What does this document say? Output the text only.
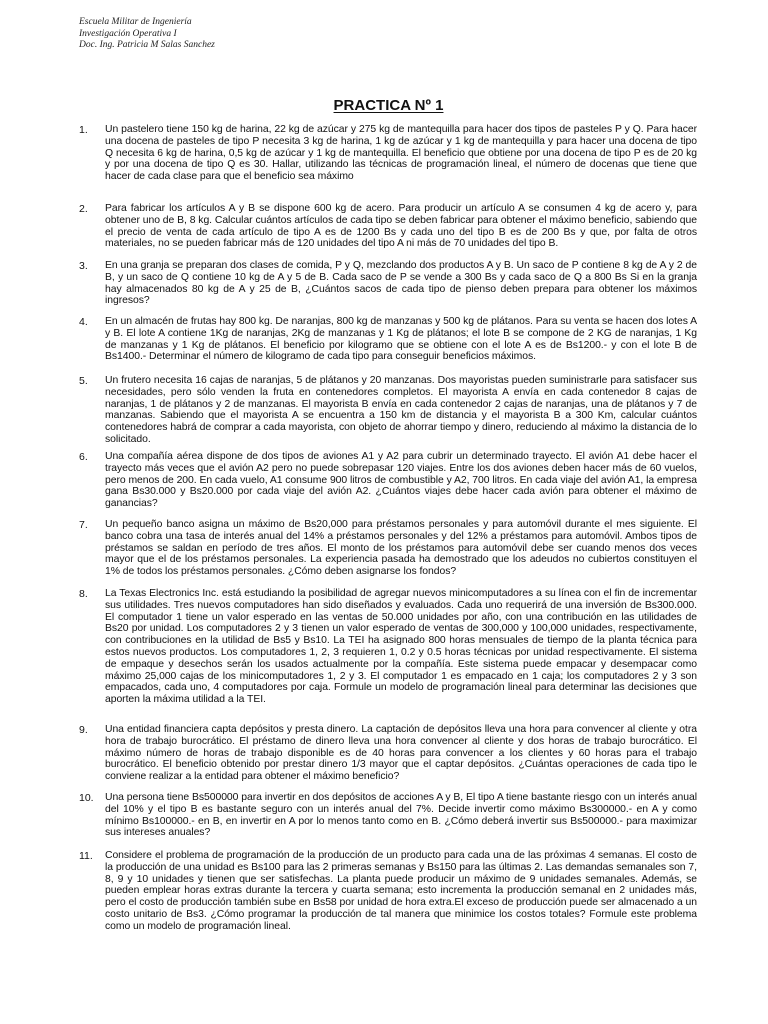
Escuela Militar de Ingeniería
Investigación Operativa I
Doc. Ing. Patricia M Salas Sanchez
PRACTICA Nº 1
1.	Un pastelero tiene 150 kg de harina, 22 kg de azúcar y 275 kg de mantequilla para hacer dos tipos de pasteles P y Q. Para hacer una docena de pasteles de tipo P necesita 3 kg de harina, 1 kg de azúcar y 1 kg de mantequilla y para hacer una docena de tipo Q necesita 6 kg de harina, 0,5 kg de azúcar y 1 kg de mantequilla. El beneficio que obtiene por una docena de tipo P es de 20 kg y por una docena de tipo Q es 30. Hallar, utilizando las técnicas de programación lineal, el número de docenas que tiene que hacer de cada clase para que el beneficio sea máximo
2.	Para fabricar los artículos A y B se dispone 600 kg de acero. Para producir un artículo A se consumen 4 kg de acero y, para obtener uno de B, 8 kg. Calcular cuántos artículos de cada tipo se deben fabricar para obtener el máximo beneficio, sabiendo que el precio de venta de cada artículo de tipo A es de 1200 Bs y cada uno del tipo B es de 200 Bs y que, por falta de otros materiales, no se pueden fabricar más de 120 unidades del tipo A ni más de 70 unidades del tipo B.
3.	En una granja se preparan dos clases de comida, P y Q, mezclando dos productos A y B. Un saco de P contiene 8 kg de A y 2 de B, y un saco de Q contiene 10 kg de A y 5 de B. Cada saco de P se vende a 300 Bs y cada saco de Q a 800 Bs Si en la granja hay almacenados 80 kg de A y 25 de B, ¿Cuántos sacos de cada tipo de pienso deben prepara para obtener los máximos ingresos?
4.	En un almacén de frutas hay 800 kg. De naranjas, 800 kg de manzanas y 500 kg de plátanos. Para su venta se hacen dos lotes A y B. El lote A contiene 1Kg de naranjas, 2Kg de manzanas y 1 Kg de plátanos; el lote B se compone de 2 KG de naranjas, 1 Kg de manzanas y 1 Kg de plátanos. El beneficio por kilogramo que se obtiene con el lote A es de Bs1200.- y con el lote B de Bs1400.- Determinar el número de kilogramo de cada tipo para conseguir beneficios máximos.
5.	Un frutero necesita 16 cajas de naranjas, 5 de plátanos y 20 manzanas. Dos mayoristas pueden suministrarle para satisfacer sus necesidades, pero sólo venden la fruta en contenedores completos. El mayorista A envía en cada contenedor 8 cajas de naranjas, 1 de plátanos y 2 de manzanas. El mayorista B envía en cada contenedor 2 cajas de naranjas, una de plátanos y 7 de manzanas. Sabiendo que el mayorista A se encuentra a 150 km de distancia y el mayorista B a 300 Km, calcular cuántos contenedores habrá de comprar a cada mayorista, con objeto de ahorrar tiempo y dinero, reduciendo al máximo la distancia de lo solicitado.
6.	Una compañía aérea dispone de dos tipos de aviones A1 y A2 para cubrir un determinado trayecto. El avión A1 debe hacer el trayecto más veces que el avión A2 pero no puede sobrepasar 120 viajes. Entre los dos aviones deben hacer más de 60 vuelos, pero menos de 200. En cada vuelo, A1 consume 900 litros de combustible y A2, 700 litros. En cada viaje del avión A1, la empresa gana Bs30.000 y Bs20.000 por cada viaje del avión A2. ¿Cuántos viajes debe hacer cada avión para obtener el máximo de ganancias?
7.	Un pequeño banco asigna un máximo de Bs20,000 para préstamos personales y para automóvil durante el mes siguiente. El banco cobra una tasa de interés anual del 14% a préstamos personales y del 12% a préstamos para automóvil. Ambos tipos de préstamos se saldan en período de tres años. El monto de los préstamos para automóvil debe ser cuando menos dos veces mayor que el de los préstamos personales. La experiencia pasada ha demostrado que los adeudos no cubiertos constituyen el 1% de todos los préstamos personales. ¿Cómo deben asignarse los fondos?
8.	La Texas Electronics Inc. está estudiando la posibilidad de agregar nuevos minicomputadores a su línea con el fin de incrementar sus utilidades. Tres nuevos computadores han sido diseñados y evaluados. Cada uno requerirá de una inversión de Bs300.000. El computador 1 tiene un valor esperado en las ventas de 50.000 unidades por año, con una contribución en las utilidades de Bs20 por unidad. Los computadores 2 y 3 tienen un valor esperado de ventas de 300,000 y 100,000 unidades, respectivamente, con contribuciones en la utilidad de Bs5 y Bs10. La TEI ha asignado 800 horas mensuales de tiempo de la planta técnica para estos nuevos productos. Los computadores 1, 2, 3 requieren 1, 0.2 y 0.5 horas técnicas por unidad respectivamente. El sistema de empaque y desechos serán los usados actualmente por la compañía. Este sistema puede empacar y desempacar como máximo 25,000 cajas de los minicomputadores 1, 2 y 3. El computador 1 es empacado en 1 caja; los computadores 2 y 3 son empacados, cada uno, 4 computadores por caja. Formule un modelo de programación lineal para determinar las decisiones que aporten la máxima utilidad a la TEI.
9.	Una entidad financiera capta depósitos y presta dinero. La captación de depósitos lleva una hora para convencer al cliente y otra hora de trabajo burocrático. El préstamo de dinero lleva una hora convencer al cliente y dos horas de trabajo burocrático. El máximo número de horas de trabajo disponible es de 40 horas para convencer a los clientes y 60 horas para el trabajo burocrático. El beneficio obtenido por prestar dinero 1/3 mayor que el captar depósitos. ¿Cuántas operaciones de cada tipo le conviene realizar a la entidad para obtener el máximo beneficio?
10.	Una persona tiene Bs500000 para invertir en dos depósitos de acciones A y B, El tipo A tiene bastante riesgo con un interés anual del 10% y el tipo B es bastante seguro con un interés anual del 7%. Decide invertir como máximo Bs300000.- en A y como mínimo Bs100000.- en B, en invertir en A por lo menos tanto como en B. ¿Cómo deberá invertir sus Bs500000.- para maximizar sus intereses anuales?
11.	Considere el problema de programación de la producción de un producto para cada una de las próximas 4 semanas. El costo de la producción de una unidad es Bs100 para las 2 primeras semanas y Bs150 para las últimas 2. Las demandas semanales son 7, 8, 9 y 10 unidades y tienen que ser satisfechas. La planta puede producir un máximo de 9 unidades semanales. Además, se pueden emplear horas extras durante la tercera y cuarta semana; esto incrementa la producción semanal en 2 unidades más, pero el costo de producción también sube en Bs58 por unidad de hora extra.El exceso de producción puede ser almacenado a un costo unitario de Bs3. ¿Cómo programar la producción de tal manera que minimice los costos totales? Formule este problema como un modelo de programación lineal.
